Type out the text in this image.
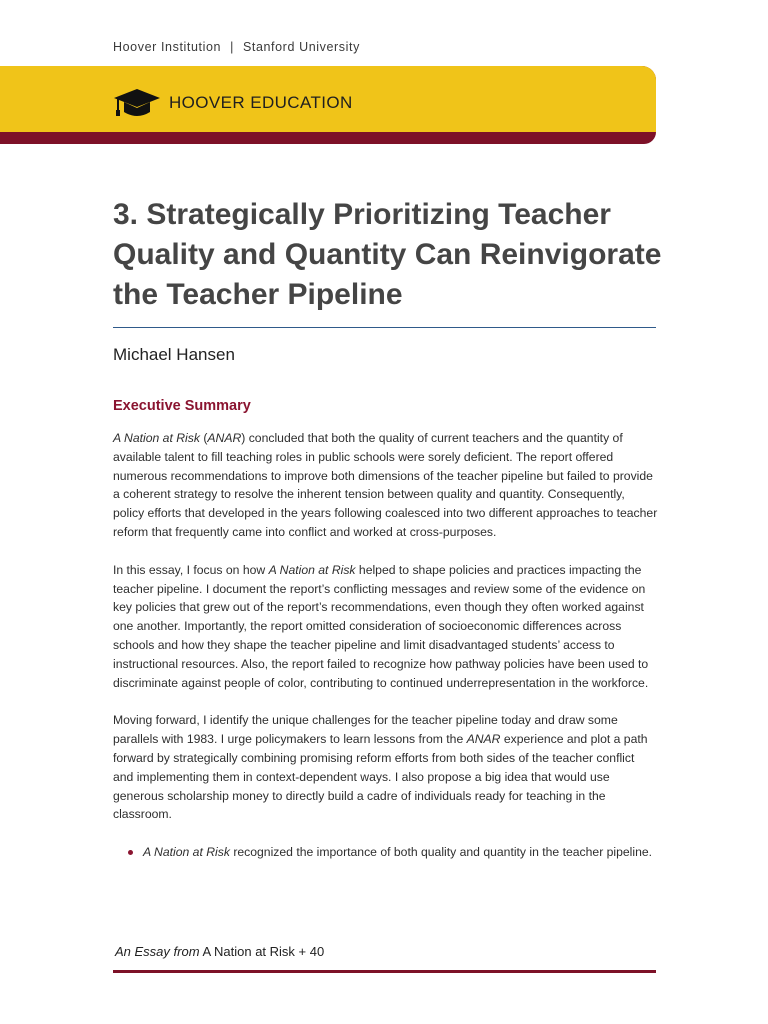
Hoover Institution | Stanford University
HOOVER EDUCATION
3. Strategically Prioritizing Teacher Quality and Quantity Can Reinvigorate the Teacher Pipeline
Michael Hansen
Executive Summary

A Nation at Risk (ANAR) concluded that both the quality of current teachers and the quantity of available talent to fill teaching roles in public schools were sorely deficient. The report offered numerous recommendations to improve both dimensions of the teacher pipeline but failed to provide a coherent strategy to resolve the inherent tension between quality and quantity. Consequently, policy efforts that developed in the years following coalesced into two different approaches to teacher reform that frequently came into conflict and worked at cross-purposes.

In this essay, I focus on how A Nation at Risk helped to shape policies and practices impacting the teacher pipeline. I document the report’s conflicting messages and review some of the evidence on key policies that grew out of the report’s recommendations, even though they often worked against one another. Importantly, the report omitted consideration of socioeconomic differences across schools and how they shape the teacher pipeline and limit disadvantaged students’ access to instructional resources. Also, the report failed to recognize how pathway policies have been used to discriminate against people of color, contributing to continued underrepresentation in the workforce.

Moving forward, I identify the unique challenges for the teacher pipeline today and draw some parallels with 1983. I urge policymakers to learn lessons from the ANAR experience and plot a path forward by strategically combining promising reform efforts from both sides of the teacher conflict and implementing them in context-dependent ways. I also propose a big idea that would use generous scholarship money to directly build a cadre of individuals ready for teaching in the classroom.

A Nation at Risk recognized the importance of both quality and quantity in the teacher pipeline.
An Essay from A Nation at Risk + 40
